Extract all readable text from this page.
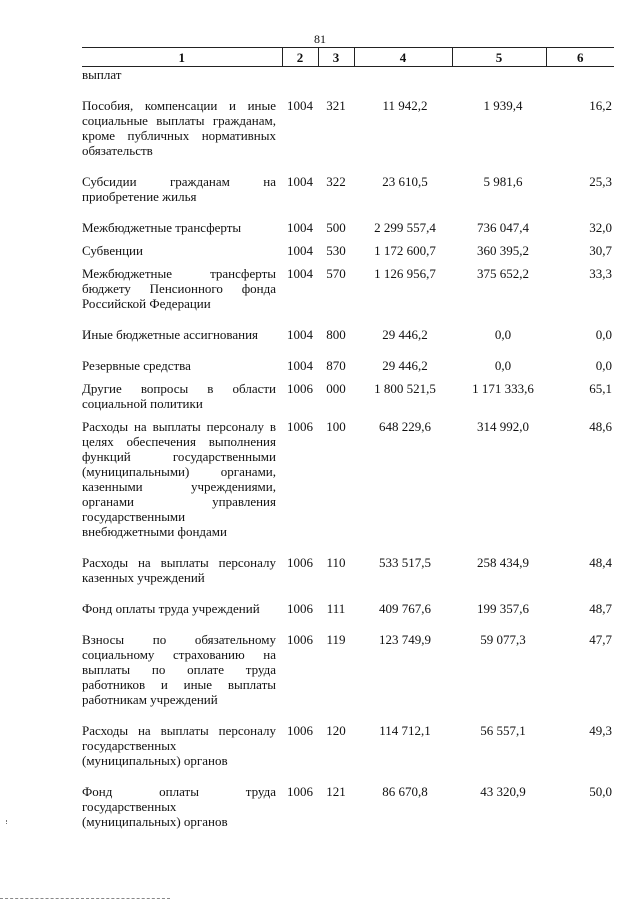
81
1	2	3	4	5	6
выплат					

Пособия, компенсации и иные социальные выплаты гражданам, кроме публичных нормативных обязательств	1004	321	11 942,2	1 939,4	16,2

Субсидии гражданам на приобретение жилья	1004	322	23 610,5	5 981,6	25,3

Межбюджетные трансферты	1004	500	2 299 557,4	736 047,4	32,0

Субвенции	1004	530	1 172 600,7	360 395,2	30,7

Межбюджетные трансферты бюджету Пенсионного фонда Российской Федерации	1004	570	1 126 956,7	375 652,2	33,3

Иные бюджетные ассигнования	1004	800	29 446,2	0,0	0,0

Резервные средства	1004	870	29 446,2	0,0	0,0

Другие вопросы в области социальной политики	1006	000	1 800 521,5	1 171 333,6	65,1

Расходы на выплаты персоналу в целях обеспечения выполнения функций государственными (муниципальными) органами, казенными учреждениями, органами управления государственными внебюджетными фондами	1006	100	648 229,6	314 992,0	48,6

Расходы на выплаты персоналу казенных учреждений	1006	110	533 517,5	258 434,9	48,4

Фонд оплаты труда учреждений	1006	111	409 767,6	199 357,6	48,7

Взносы по обязательному социальному страхованию на выплаты по оплате труда работников и иные выплаты работникам учреждений	1006	119	123 749,9	59 077,3	47,7

Расходы на выплаты персоналу государственных (муниципальных) органов	1006	120	114 712,1	56 557,1	49,3

Фонд оплаты труда государственных (муниципальных) органов	1006	121	86 670,8	43 320,9	50,0
